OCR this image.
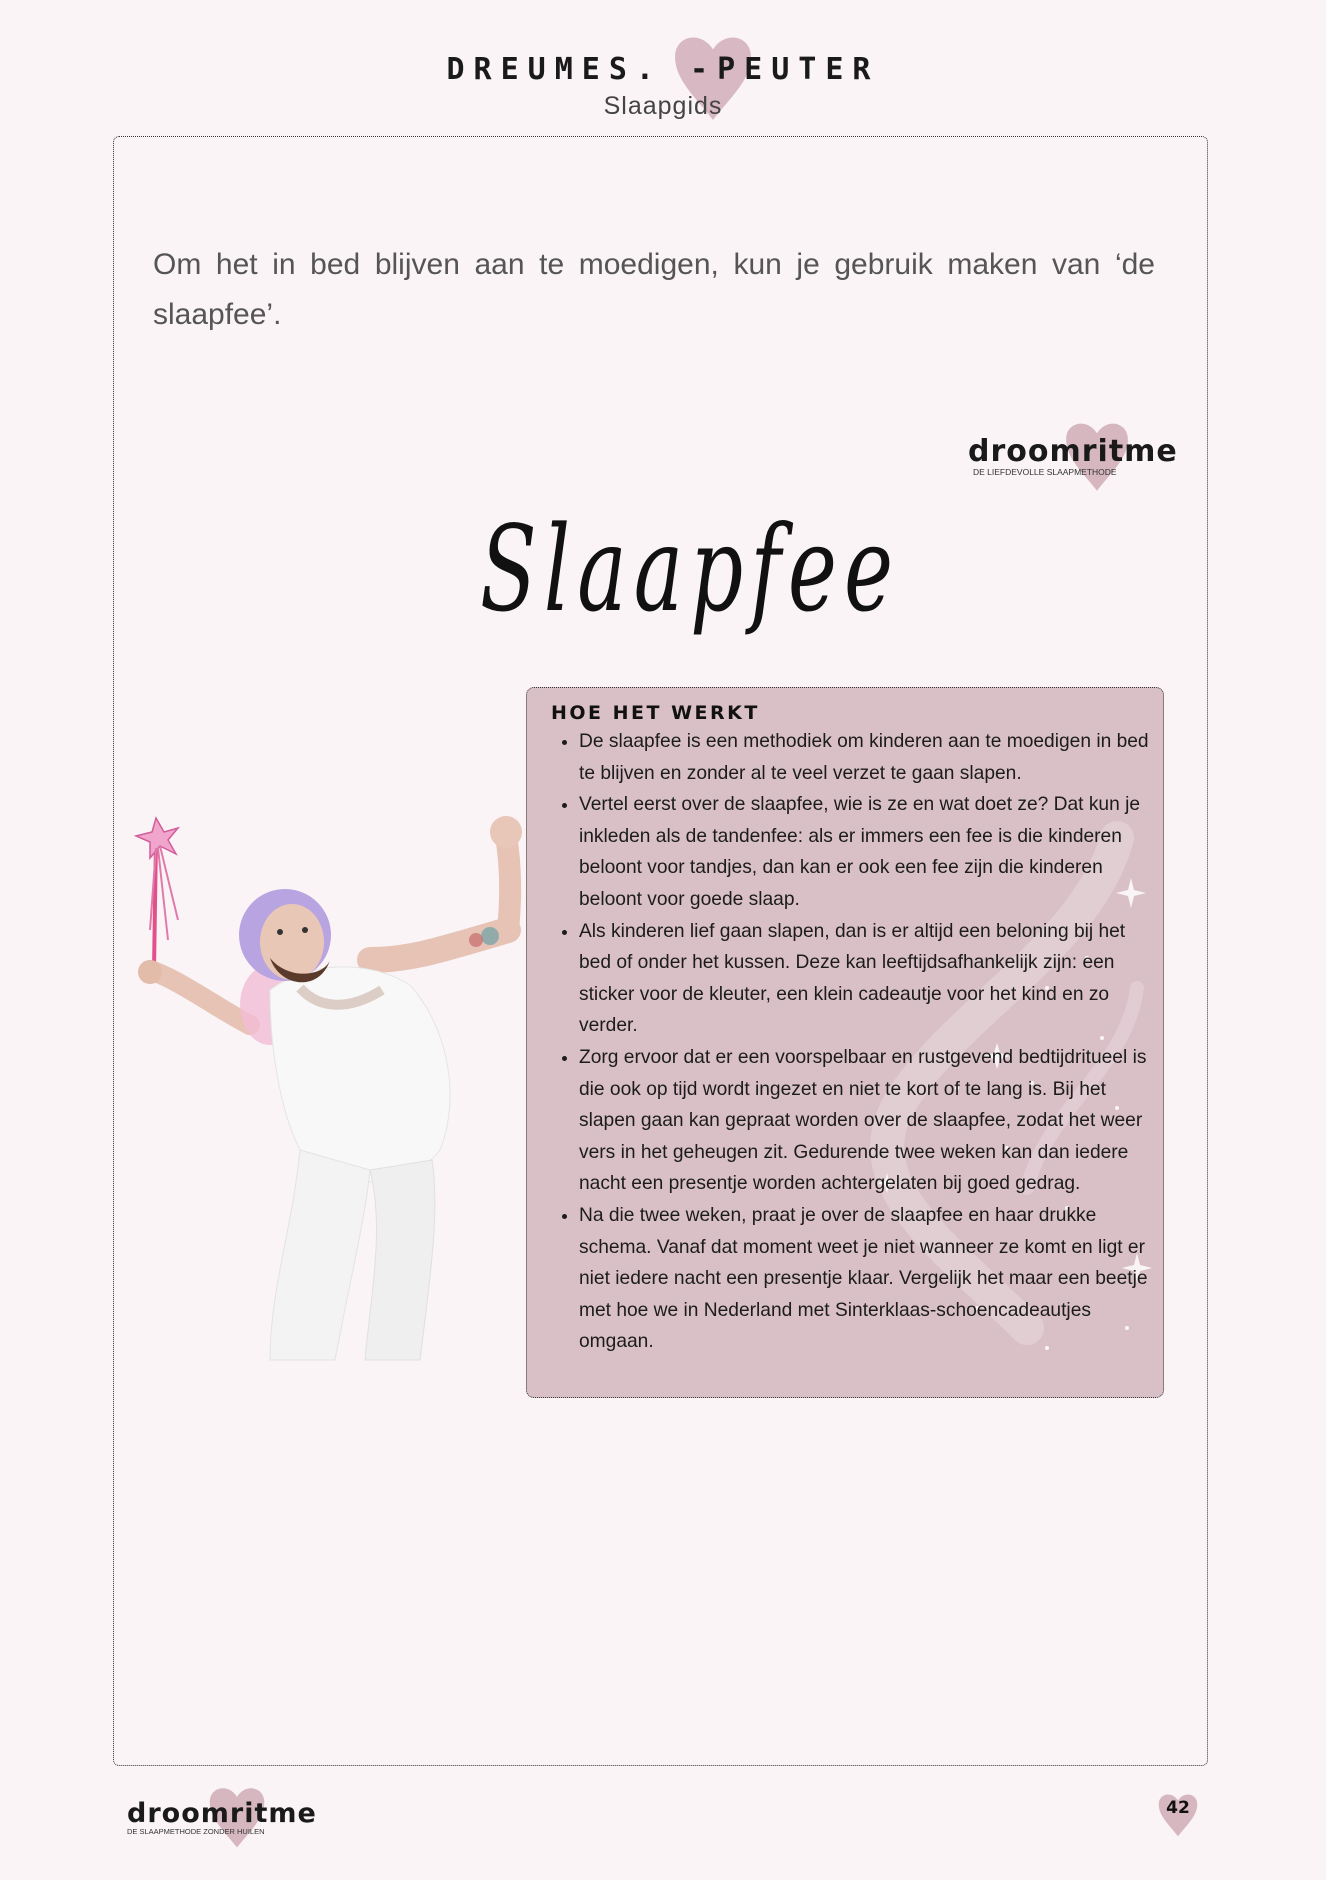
DREUMES. -PEUTER
Slaapgids
Om het in bed blijven aan te moedigen, kun je gebruik maken van ‘de slaapfee’.
droomritme
DE LIEFDEVOLLE SLAAPMETHODE
Slaapfee
HOE HET WERKT
• De slaapfee is een methodiek om kinderen aan te moedigen in bed te blijven en zonder al te veel verzet te gaan slapen.
• Vertel eerst over de slaapfee, wie is ze en wat doet ze? Dat kun je inkleden als de tandenfee: als er immers een fee is die kinderen beloont voor tandjes, dan kan er ook een fee zijn die kinderen beloont voor goede slaap.
• Als kinderen lief gaan slapen, dan is er altijd een beloning bij het bed of onder het kussen. Deze kan leeftijdsafhankelijk zijn: een sticker voor de kleuter, een klein cadeautje voor het kind en zo verder.
• Zorg ervoor dat er een voorspelbaar en rustgevend bedtijdritueel is die ook op tijd wordt ingezet en niet te kort of te lang is. Bij het slapen gaan kan gepraat worden over de slaapfee, zodat het weer vers in het geheugen zit. Gedurende twee weken kan dan iedere nacht een presentje worden achtergelaten bij goed gedrag.
• Na die twee weken, praat je over de slaapfee en haar drukke schema. Vanaf dat moment weet je niet wanneer ze komt en ligt er niet iedere nacht een presentje klaar. Vergelijk het maar een beetje met hoe we in Nederland met Sinterklaas-schoencadeautjes omgaan.
droomritme
DE SLAAPMETHODE ZONDER HUILEN
42
